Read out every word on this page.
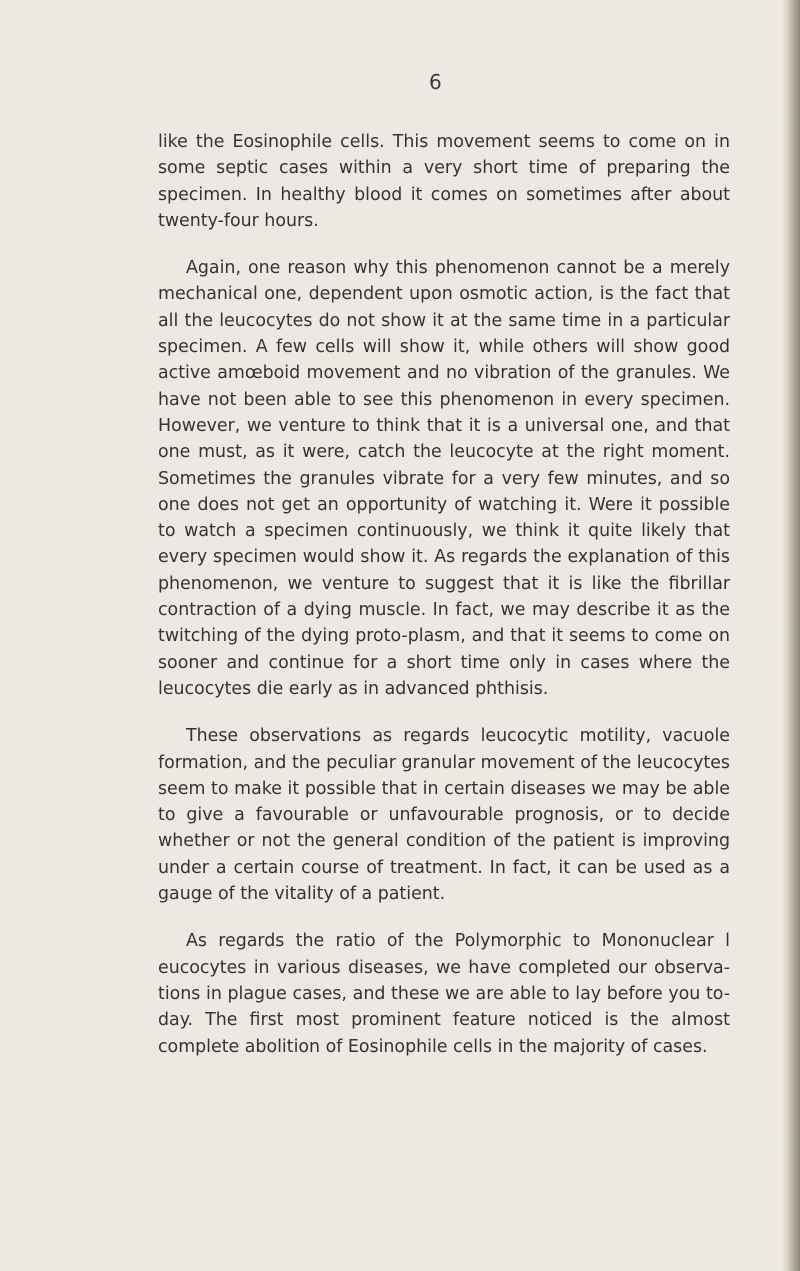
6

like the Eosinophile cells. This movement seems to come on in some septic cases within a very short time of preparing the specimen. In healthy blood it comes on sometimes after about twenty-four hours.

Again, one reason why this phenomenon cannot be a merely mechanical one, dependent upon osmotic action, is the fact that all the leucocytes do not show it at the same time in a particular specimen. A few cells will show it, while others will show good active amœboid movement and no vibration of the granules. We have not been able to see this phenomenon in every specimen. However, we venture to think that it is a universal one, and that one must, as it were, catch the leucocyte at the right moment. Sometimes the granules vibrate for a very few minutes, and so one does not get an opportunity of watching it. Were it possible to watch a specimen continuously, we think it quite likely that every specimen would show it. As regards the explanation of this phenomenon, we venture to suggest that it is like the fibrillar contraction of a dying muscle. In fact, we may describe it as the twitching of the dying proto-plasm, and that it seems to come on sooner and continue for a short time only in cases where the leucocytes die early as in advanced phthisis.

These observations as regards leucocytic motility, vacuole formation, and the peculiar granular movement of the leucocytes seem to make it possible that in certain diseases we may be able to give a favourable or unfavourable prognosis, or to decide whether or not the general condition of the patient is improving under a certain course of treatment. In fact, it can be used as a gauge of the vitality of a patient.

As regards the ratio of the Polymorphic to Mononuclear l eucocytes in various diseases, we have completed our observa-tions in plague cases, and these we are able to lay before you to-day. The first most prominent feature noticed is the almost complete abolition of Eosinophile cells in the majority of cases.
